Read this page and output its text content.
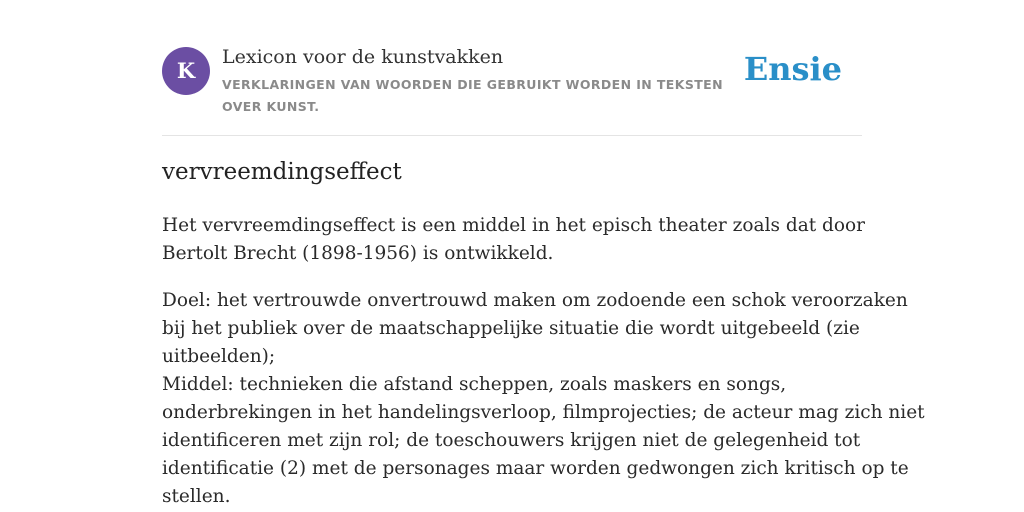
K
Lexicon voor de kunstvakken
VERKLARINGEN VAN WOORDEN DIE GEBRUIKT WORDEN IN TEKSTEN OVER KUNST.
Ensie
vervreemdingseffect

Het vervreemdingseffect is een middel in het episch theater zoals dat door
Bertolt Brecht (1898-1956) is ontwikkeld.

Doel: het vertrouwde onvertrouwd maken om zodoende een schok veroorzaken
bij het publiek over de maatschappelijke situatie die wordt uitgebeeld (zie
uitbeelden);
Middel: technieken die afstand scheppen, zoals maskers en songs,
onderbrekingen in het handelingsverloop, filmprojecties; de acteur mag zich niet
identificeren met zijn rol; de toeschouwers krijgen niet de gelegenheid tot
identificatie (2) met de personages maar worden gedwongen zich kritisch op te
stellen.
